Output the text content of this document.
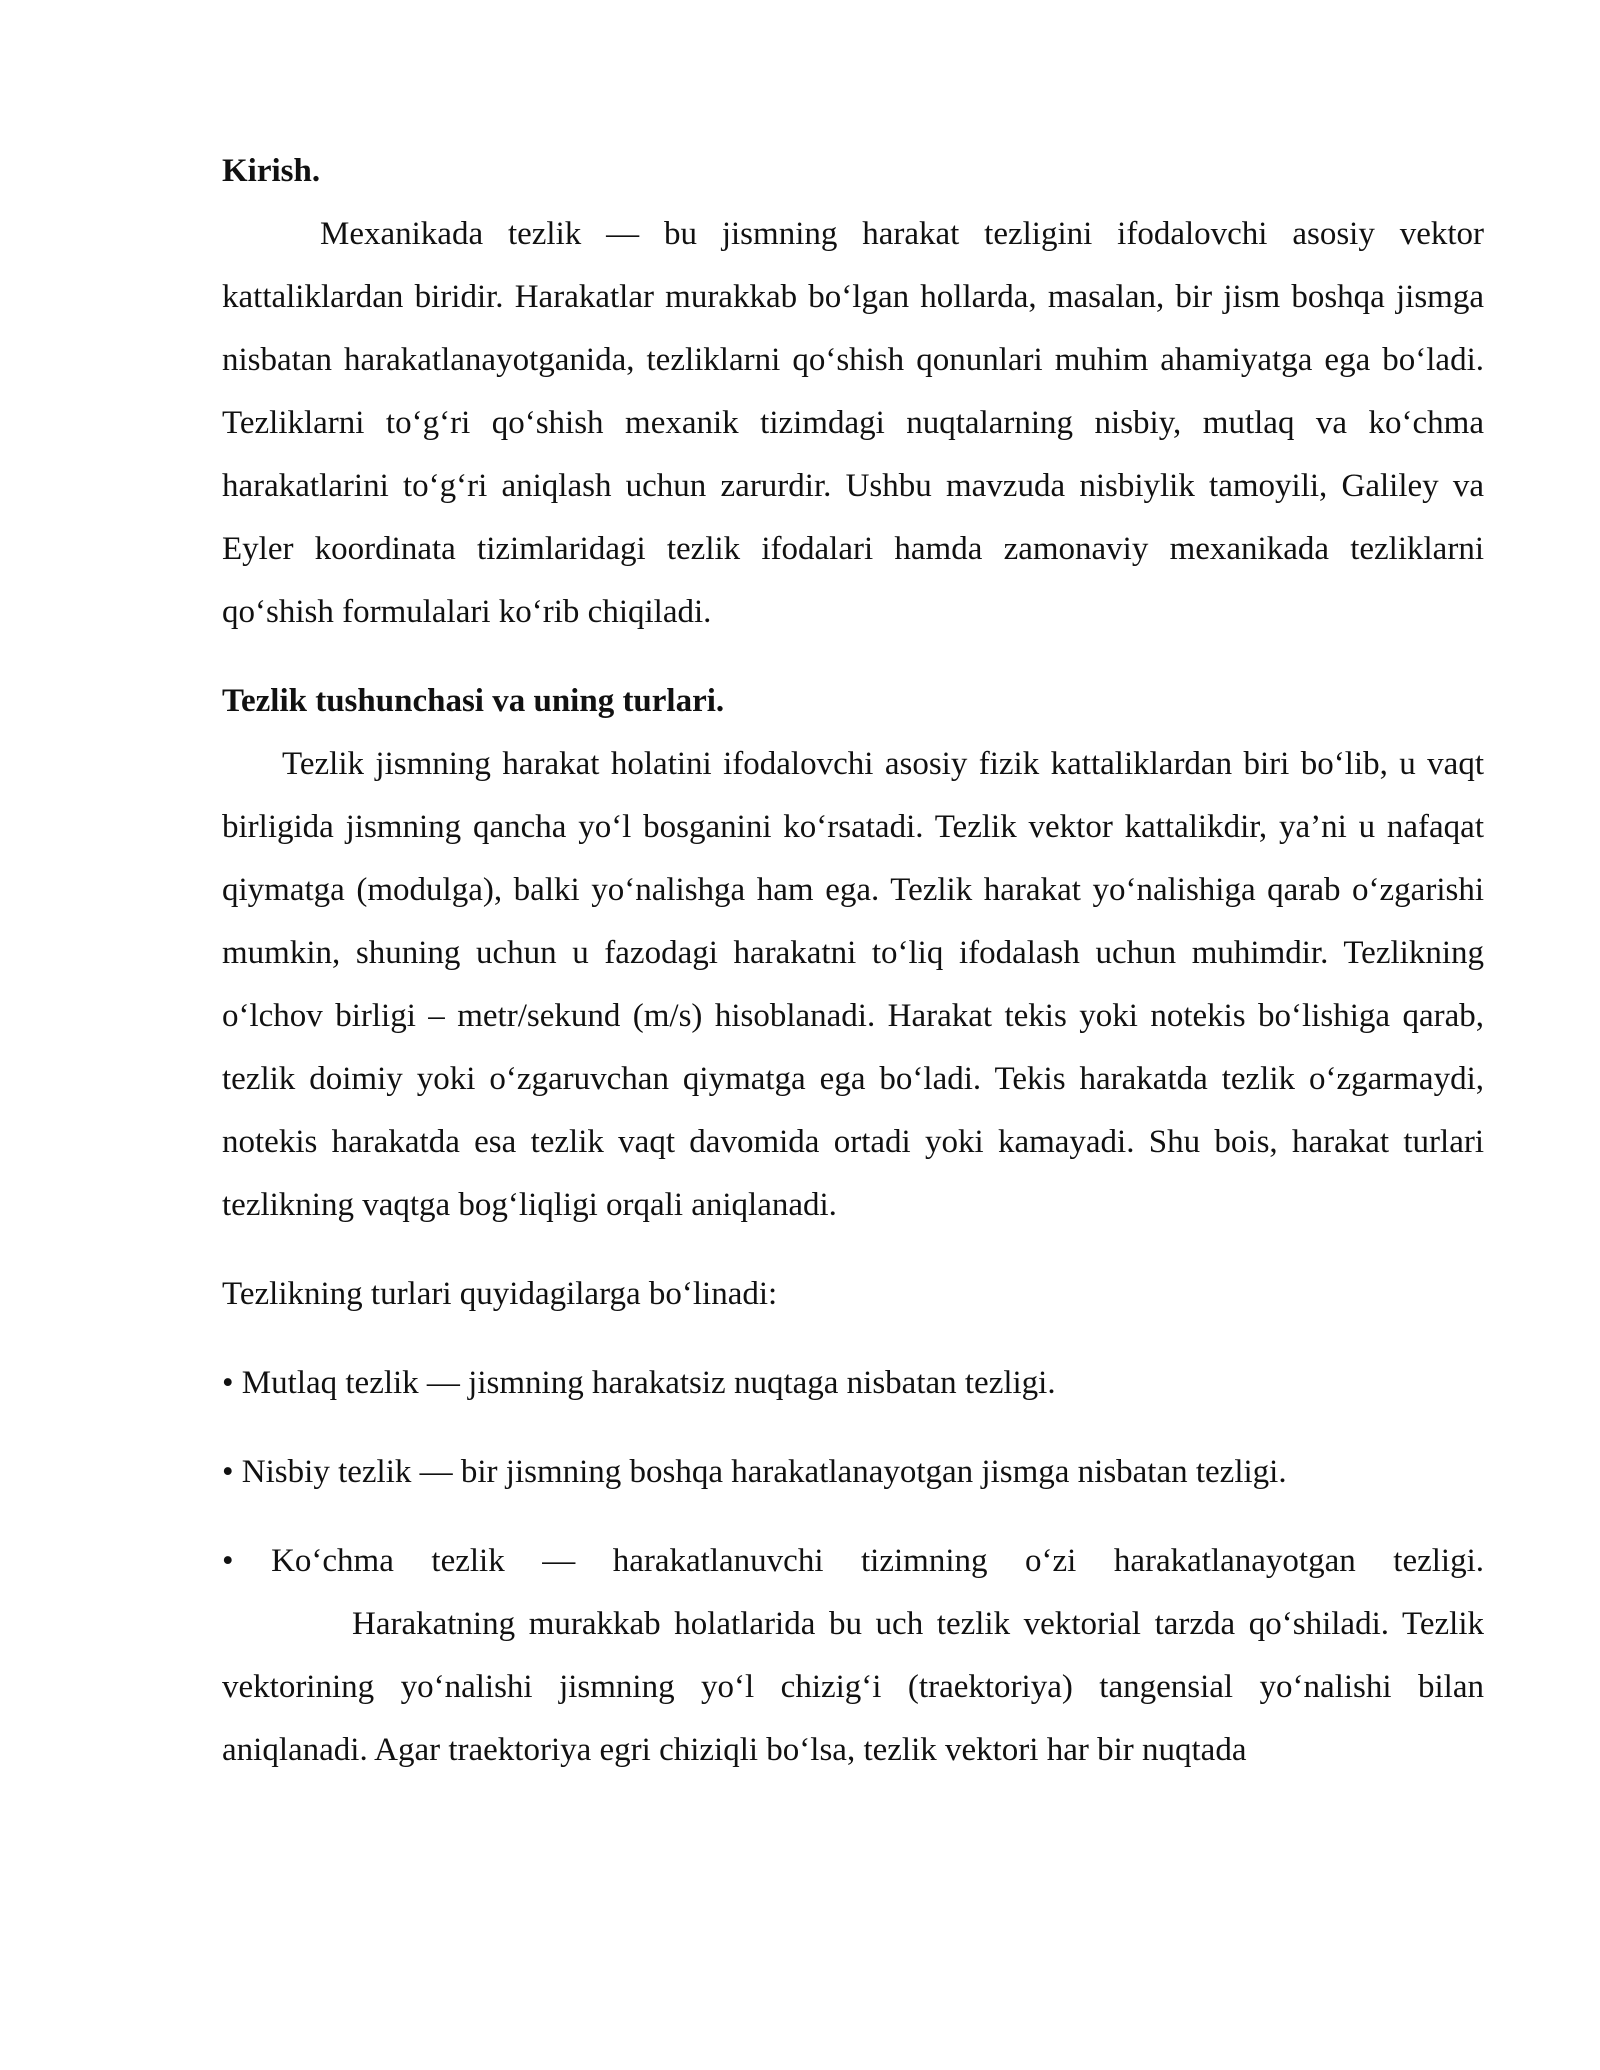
Kirish.

Mexanikada tezlik — bu jismning harakat tezligini ifodalovchi asosiy vektor kattaliklardan biridir. Harakatlar murakkab bo‘lgan hollarda, masalan, bir jism boshqa jismga nisbatan harakatlanayotganida, tezliklarni qo‘shish qonunlari muhim ahamiyatga ega bo‘ladi. Tezliklarni to‘g‘ri qo‘shish mexanik tizimdagi nuqtalarning nisbiy, mutlaq va ko‘chma harakatlarini to‘g‘ri aniqlash uchun zarurdir. Ushbu mavzuda nisbiylik tamoyili, Galiley va Eyler koordinata tizimlaridagi tezlik ifodalari hamda zamonaviy mexanikada tezliklarni qo‘shish formulalari ko‘rib chiqiladi.

Tezlik tushunchasi va uning turlari.

Tezlik jismning harakat holatini ifodalovchi asosiy fizik kattaliklardan biri bo‘lib, u vaqt birligida jismning qancha yo‘l bosganini ko‘rsatadi. Tezlik vektor kattalikdir, ya’ni u nafaqat qiymatga (modulga), balki yo‘nalishga ham ega. Tezlik harakat yo‘nalishiga qarab o‘zgarishi mumkin, shuning uchun u fazodagi harakatni to‘liq ifodalash uchun muhimdir. Tezlikning o‘lchov birligi – metr/sekund (m/s) hisoblanadi. Harakat tekis yoki notekis bo‘lishiga qarab, tezlik doimiy yoki o‘zgaruvchan qiymatga ega bo‘ladi. Tekis harakatda tezlik o‘zgarmaydi, notekis harakatda esa tezlik vaqt davomida ortadi yoki kamayadi. Shu bois, harakat turlari tezlikning vaqtga bog‘liqligi orqali aniqlanadi.

Tezlikning turlari quyidagilarga bo‘linadi:

• Mutlaq tezlik — jismning harakatsiz nuqtaga nisbatan tezligi.

• Nisbiy tezlik — bir jismning boshqa harakatlanayotgan jismga nisbatan tezligi.

• Ko‘chma tezlik — harakatlanuvchi tizimning o‘zi harakatlanayotgan tezligi.

Harakatning murakkab holatlarida bu uch tezlik vektorial tarzda qo‘shiladi. Tezlik vektorining yo‘nalishi jismning yo‘l chizig‘i (traektoriya) tangensial yo‘nalishi bilan aniqlanadi. Agar traektoriya egri chiziqli bo‘lsa, tezlik vektori har bir nuqtada
